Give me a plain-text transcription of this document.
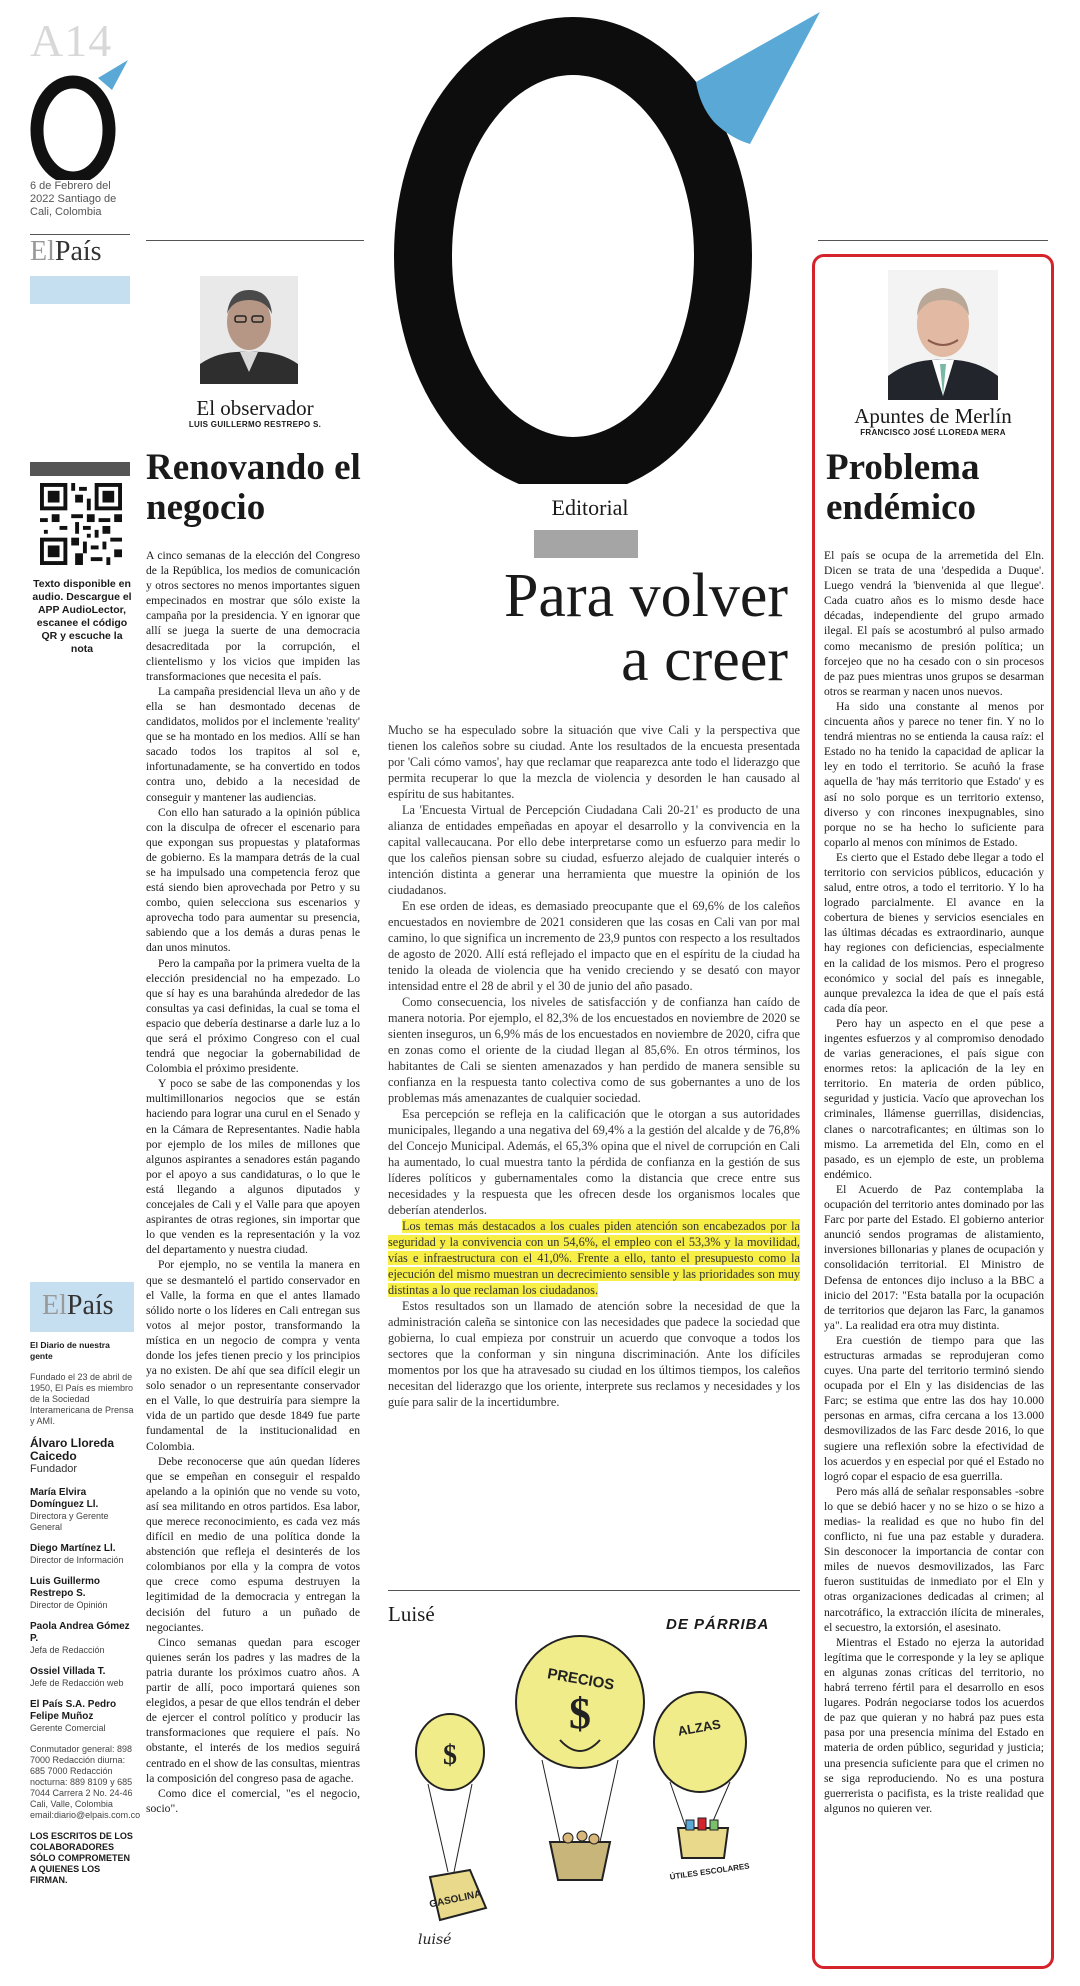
A14
6 de Febrero del 2022 Santiago de Cali, Colombia
ElPaís
Texto disponible en audio. Descargue el APP AudioLector, escanee el código QR y escuche la nota
ElPaís
El Diario de nuestra gente
Fundado el 23 de abril de 1950, El País es miembro de la Sociedad Interamericana de Prensa y AMI.
Álvaro Lloreda Caicedo
Fundador
María Elvira Domínguez Ll.
Directora y Gerente General
Diego Martínez Ll.
Director de Información
Luis Guillermo Restrepo S.
Director de Opinión
Paola Andrea Gómez P.
Jefa de Redacción
Ossiel Villada T.
Jefe de Redacción web
El País S.A. Pedro Felipe Muñoz
Gerente Comercial
Conmutador general: 898 7000 Redacción diurna: 685 7000 Redacción nocturna: 889 8109 y 685 7044 Carrera 2 No. 24-46 Cali, Valle, Colombia email:diario@elpais.com.co
LOS ESCRITOS DE LOS COLABORADORES SÓLO COMPROMETEN A QUIENES LOS FIRMAN.
El observador
LUIS GUILLERMO RESTREPO S.
Renovando el negocio

A cinco semanas de la elección del Congreso de la República, los medios de comunicación y otros sectores no menos importantes siguen empecinados en mostrar que sólo existe la campaña por la presidencia. Y en ignorar que allí se juega la suerte de una democracia desacreditada por la corrupción, el clientelismo y los vicios que impiden las transformaciones que necesita el país.

La campaña presidencial lleva un año y de ella se han desmontado decenas de candidatos, molidos por el inclemente 'reality' que se ha montado en los medios. Allí se han sacado todos los trapitos al sol e, infortunadamente, se ha convertido en todos contra uno, debido a la necesidad de conseguir y mantener las audiencias.

Con ello han saturado a la opinión pública con la disculpa de ofrecer el escenario para que expongan sus propuestas y plataformas de gobierno. Es la mampara detrás de la cual se ha impulsado una competencia feroz que está siendo bien aprovechada por Petro y su combo, quien selecciona sus escenarios y aprovecha todo para aumentar su presencia, sabiendo que a los demás a duras penas le dan unos minutos.

Pero la campaña por la primera vuelta de la elección presidencial no ha empezado. Lo que sí hay es una barahúnda alrededor de las consultas ya casi definidas, la cual se toma el espacio que debería destinarse a darle luz a lo que será el próximo Congreso con el cual tendrá que negociar la gobernabilidad de Colombia el próximo presidente.

Y poco se sabe de las componendas y los multimillonarios negocios que se están haciendo para lograr una curul en el Senado y en la Cámara de Representantes. Nadie habla por ejemplo de los miles de millones que algunos aspirantes a senadores están pagando por el apoyo a sus candidaturas, o lo que le está llegando a algunos diputados y concejales de Cali y el Valle para que apoyen aspirantes de otras regiones, sin importar que lo que venden es la representación y la voz del departamento y nuestra ciudad.

Por ejemplo, no se ventila la manera en que se desmanteló el partido conservador en el Valle, la forma en que el antes llamado sólido norte o los líderes en Cali entregan sus votos al mejor postor, transformando la mística en un negocio de compra y venta donde los jefes tienen precio y los principios ya no existen. De ahí que sea difícil elegir un solo senador o un representante conservador en el Valle, lo que destruiría para siempre la vida de un partido que desde 1849 fue parte fundamental de la institucionalidad en Colombia.

Debe reconocerse que aún quedan líderes que se empeñan en conseguir el respaldo apelando a la opinión que no vende su voto, así sea militando en otros partidos. Esa labor, que merece reconocimiento, es cada vez más difícil en medio de una política donde la abstención que refleja el desinterés de los colombianos por ella y la compra de votos que crece como espuma destruyen la legitimidad de la democracia y entregan la decisión del futuro a un puñado de negociantes.

Cinco semanas quedan para escoger quienes serán los padres y las madres de la patria durante los próximos cuatro años. A partir de allí, poco importará quienes son elegidos, a pesar de que ellos tendrán el deber de ejercer el control político y producir las transformaciones que requiere el país. No obstante, el interés de los medios seguirá centrado en el show de las consultas, mientras la composición del congreso pasa de agache.

Como dice el comercial, "es el negocio, socio".

Editorial
Para volver
a creer

Mucho se ha especulado sobre la situación que vive Cali y la perspectiva que tienen los caleños sobre su ciudad. Ante los resultados de la encuesta presentada por 'Cali cómo vamos', hay que reclamar que reaparezca ante todo el liderazgo que permita recuperar lo que la mezcla de violencia y desorden le han causado al espíritu de sus habitantes.

La 'Encuesta Virtual de Percepción Ciudadana Cali 20-21' es producto de una alianza de entidades empeñadas en apoyar el desarrollo y la convivencia en la capital vallecaucana. Por ello debe interpretarse como un esfuerzo para medir lo que los caleños piensan sobre su ciudad, esfuerzo alejado de cualquier interés o intención distinta a generar una herramienta que muestre la opinión de los ciudadanos.

En ese orden de ideas, es demasiado preocupante que el 69,6% de los caleños encuestados en noviembre de 2021 consideren que las cosas en Cali van por mal camino, lo que significa un incremento de 23,9 puntos con respecto a los resultados de agosto de 2020. Allí está reflejado el impacto que en el espíritu de la ciudad ha tenido la oleada de violencia que ha venido creciendo y se desató con mayor intensidad entre el 28 de abril y el 30 de junio del año pasado.

Como consecuencia, los niveles de satisfacción y de confianza han caído de manera notoria. Por ejemplo, el 82,3% de los encuestados en noviembre de 2020 se sienten inseguros, un 6,9% más de los encuestados en noviembre de 2020, cifra que en zonas como el oriente de la ciudad llegan al 85,6%. En otros términos, los habitantes de Cali se sienten amenazados y han perdido de manera sensible su confianza en la respuesta tanto colectiva como de sus gobernantes a uno de los problemas más amenazantes de cualquier sociedad.

Esa percepción se refleja en la calificación que le otorgan a sus autoridades municipales, llegando a una negativa del 69,4% a la gestión del alcalde y de 76,8% del Concejo Municipal. Además, el 65,3% opina que el nivel de corrupción en Cali ha aumentado, lo cual muestra tanto la pérdida de confianza en la gestión de sus líderes políticos y gubernamentales como la distancia que crece entre sus necesidades y la respuesta que les ofrecen desde los organismos locales que deberían atenderlos.

Los temas más destacados a los cuales piden atención son encabezados por la seguridad y la convivencia con un 54,6%, el empleo con el 53,3% y la movilidad, vías e infraestructura con el 41,0%. Frente a ello, tanto el presupuesto como la ejecución del mismo muestran un decrecimiento sensible y las prioridades son muy distintas a lo que reclaman los ciudadanos.

Estos resultados son un llamado de atención sobre la necesidad de que la administración caleña se sintonice con las necesidades que padece la sociedad que gobierna, lo cual empieza por construir un acuerdo que convoque a todos los sectores que la conforman y sin ninguna discriminación. Ante los difíciles momentos por los que ha atravesado su ciudad en los últimos tiempos, los caleños necesitan del liderazgo que los oriente, interprete sus reclamos y necesidades y los guíe para salir de la incertidumbre.

Luisé	DE PÁRRIBA
$
PRECIOS
$
GASOLINA
ALZAS
ÚTILES ESCOLARES
luisé
Apuntes de Merlín
FRANCISCO JOSÉ LLOREDA MERA
Problema endémico

El país se ocupa de la arremetida del Eln. Dicen se trata de una 'despedida a Duque'. Luego vendrá la 'bienvenida al que llegue'. Cada cuatro años es lo mismo desde hace décadas, independiente del grupo armado ilegal. El país se acostumbró al pulso armado como mecanismo de presión política; un forcejeo que no ha cesado con o sin procesos de paz pues mientras unos grupos se desarman otros se rearman y nacen unos nuevos.

Ha sido una constante al menos por cincuenta años y parece no tener fin. Y no lo tendrá mientras no se entienda la causa raíz: el Estado no ha tenido la capacidad de aplicar la ley en todo el territorio. Se acuñó la frase aquella de 'hay más territorio que Estado' y es así no solo porque es un territorio extenso, diverso y con rincones inexpugnables, sino porque no se ha hecho lo suficiente para coparlo al menos con mínimos de Estado.

Es cierto que el Estado debe llegar a todo el territorio con servicios públicos, educación y salud, entre otros, a todo el territorio. Y lo ha logrado parcialmente. El avance en la cobertura de bienes y servicios esenciales en las últimas décadas es extraordinario, aunque hay regiones con deficiencias, especialmente en la calidad de los mismos. Pero el progreso económico y social del país es innegable, aunque prevalezca la idea de que el país está cada día peor.

Pero hay un aspecto en el que pese a ingentes esfuerzos y al compromiso denodado de varias generaciones, el país sigue con enormes retos: la aplicación de la ley en territorio. En materia de orden público, seguridad y justicia. Vacío que aprovechan los criminales, llámense guerrillas, disidencias, clanes o narcotraficantes; en últimas son lo mismo. La arremetida del Eln, como en el pasado, es un ejemplo de este, un problema endémico.

El Acuerdo de Paz contemplaba la ocupación del territorio antes dominado por las Farc por parte del Estado. El gobierno anterior anunció sendos programas de alistamiento, inversiones billonarias y planes de ocupación y consolidación territorial. El Ministro de Defensa de entonces dijo incluso a la BBC a inicio del 2017: "Esta batalla por la ocupación de territorios que dejaron las Farc, la ganamos ya". La realidad era otra muy distinta.

Era cuestión de tiempo para que las estructuras armadas se reprodujeran como cuyes. Una parte del territorio terminó siendo ocupada por el Eln y las disidencias de las Farc; se estima que entre las dos hay 10.000 personas en armas, cifra cercana a los 13.000 desmovilizados de las Farc desde 2016, lo que sugiere una reflexión sobre la efectividad de los acuerdos y en especial por qué el Estado no logró copar el espacio de esa guerrilla.

Pero más allá de señalar responsables -sobre lo que se debió hacer y no se hizo o se hizo a medias- la realidad es que no hubo fin del conflicto, ni fue una paz estable y duradera. Sin desconocer la importancia de contar con miles de nuevos desmovilizados, las Farc fueron sustituidas de inmediato por el Eln y otras organizaciones dedicadas al crimen; al narcotráfico, la extracción ilícita de minerales, el secuestro, la extorsión, el asesinato.

Mientras el Estado no ejerza la autoridad legítima que le corresponde y la ley se aplique en algunas zonas críticas del territorio, no habrá terreno fértil para el desarrollo en esos lugares. Podrán negociarse todos los acuerdos de paz que quieran y no habrá paz pues esta pasa por una presencia mínima del Estado en materia de orden público, seguridad y justicia; una presencia suficiente para que el crimen no se siga reproduciendo. No es una postura guerrerista o pacifista, es la triste realidad que algunos no quieren ver.
